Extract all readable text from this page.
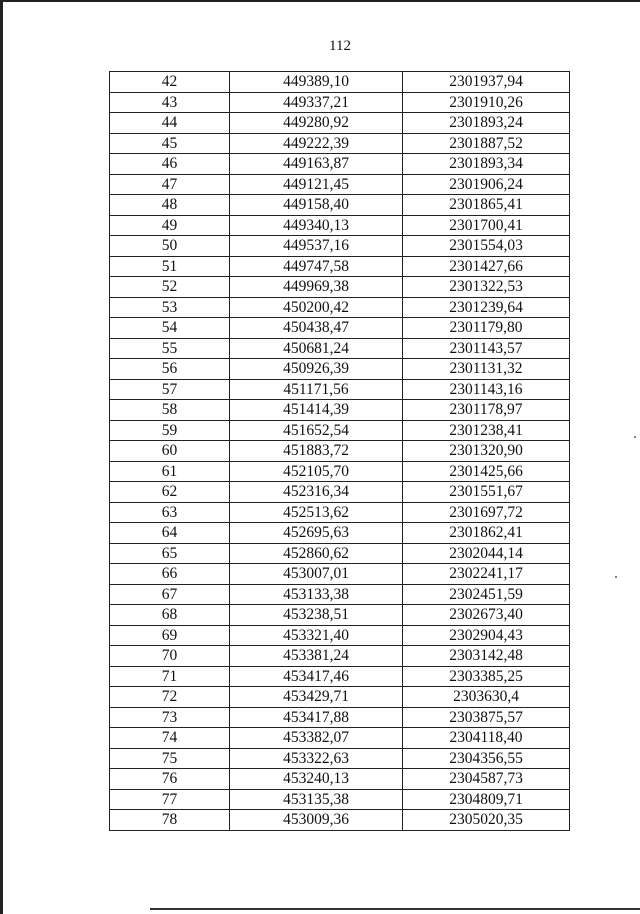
112
42	449389,10	2301937,94
43	449337,21	2301910,26
44	449280,92	2301893,24
45	449222,39	2301887,52
46	449163,87	2301893,34
47	449121,45	2301906,24
48	449158,40	2301865,41
49	449340,13	2301700,41
50	449537,16	2301554,03
51	449747,58	2301427,66
52	449969,38	2301322,53
53	450200,42	2301239,64
54	450438,47	2301179,80
55	450681,24	2301143,57
56	450926,39	2301131,32
57	451171,56	2301143,16
58	451414,39	2301178,97
59	451652,54	2301238,41
60	451883,72	2301320,90
61	452105,70	2301425,66
62	452316,34	2301551,67
63	452513,62	2301697,72
64	452695,63	2301862,41
65	452860,62	2302044,14
66	453007,01	2302241,17
67	453133,38	2302451,59
68	453238,51	2302673,40
69	453321,40	2302904,43
70	453381,24	2303142,48
71	453417,46	2303385,25
72	453429,71	2303630,4
73	453417,88	2303875,57
74	453382,07	2304118,40
75	453322,63	2304356,55
76	453240,13	2304587,73
77	453135,38	2304809,71
78	453009,36	2305020,35
